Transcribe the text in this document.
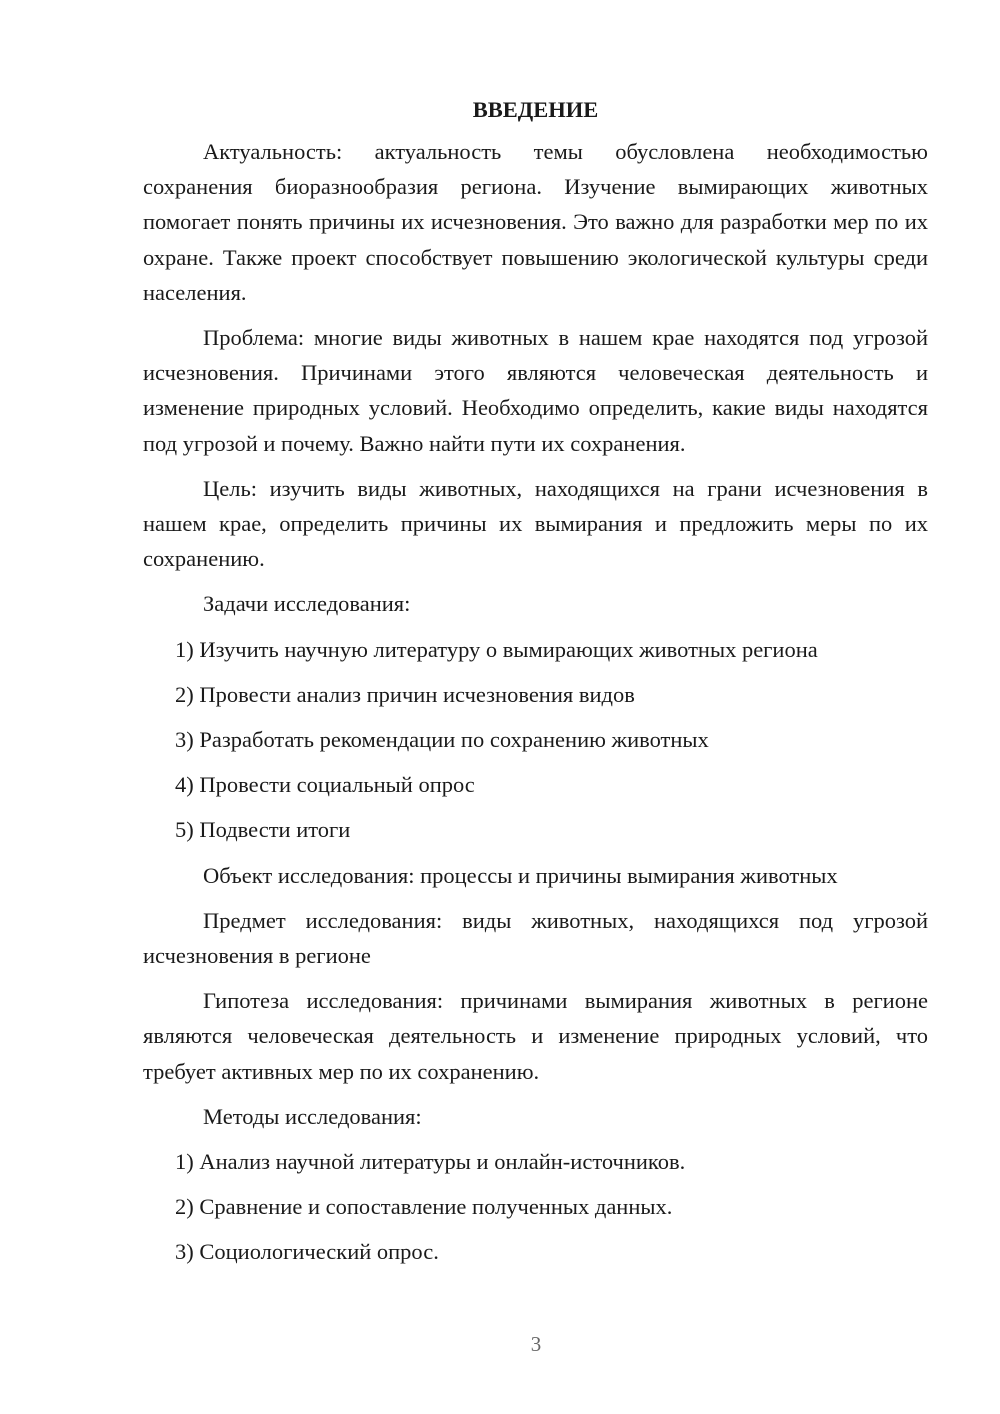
ВВЕДЕНИЕ

Актуальность: актуальность темы обусловлена необходимостью сохранения биоразнообразия региона. Изучение вымирающих животных помогает понять причины их исчезновения. Это важно для разработки мер по их охране. Также проект способствует повышению экологической культуры среди населения.

Проблема: многие виды животных в нашем крае находятся под угрозой исчезновения. Причинами этого являются человеческая деятельность и изменение природных условий. Необходимо определить, какие виды находятся под угрозой и почему. Важно найти пути их сохранения.

Цель: изучить виды животных, находящихся на грани исчезновения в нашем крае, определить причины их вымирания и предложить меры по их сохранению.

Задачи исследования:

1) Изучить научную литературу о вымирающих животных региона
2) Провести анализ причин исчезновения видов
3) Разработать рекомендации по сохранению животных
4) Провести социальный опрос
5) Подвести итоги

Объект исследования: процессы и причины вымирания животных

Предмет исследования: виды животных, находящихся под угрозой исчезновения в регионе

Гипотеза исследования: причинами вымирания животных в регионе являются человеческая деятельность и изменение природных условий, что требует активных мер по их сохранению.

Методы исследования:

1) Анализ научной литературы и онлайн-источников.
2) Сравнение и сопоставление полученных данных.
3) Социологический опрос.
3
